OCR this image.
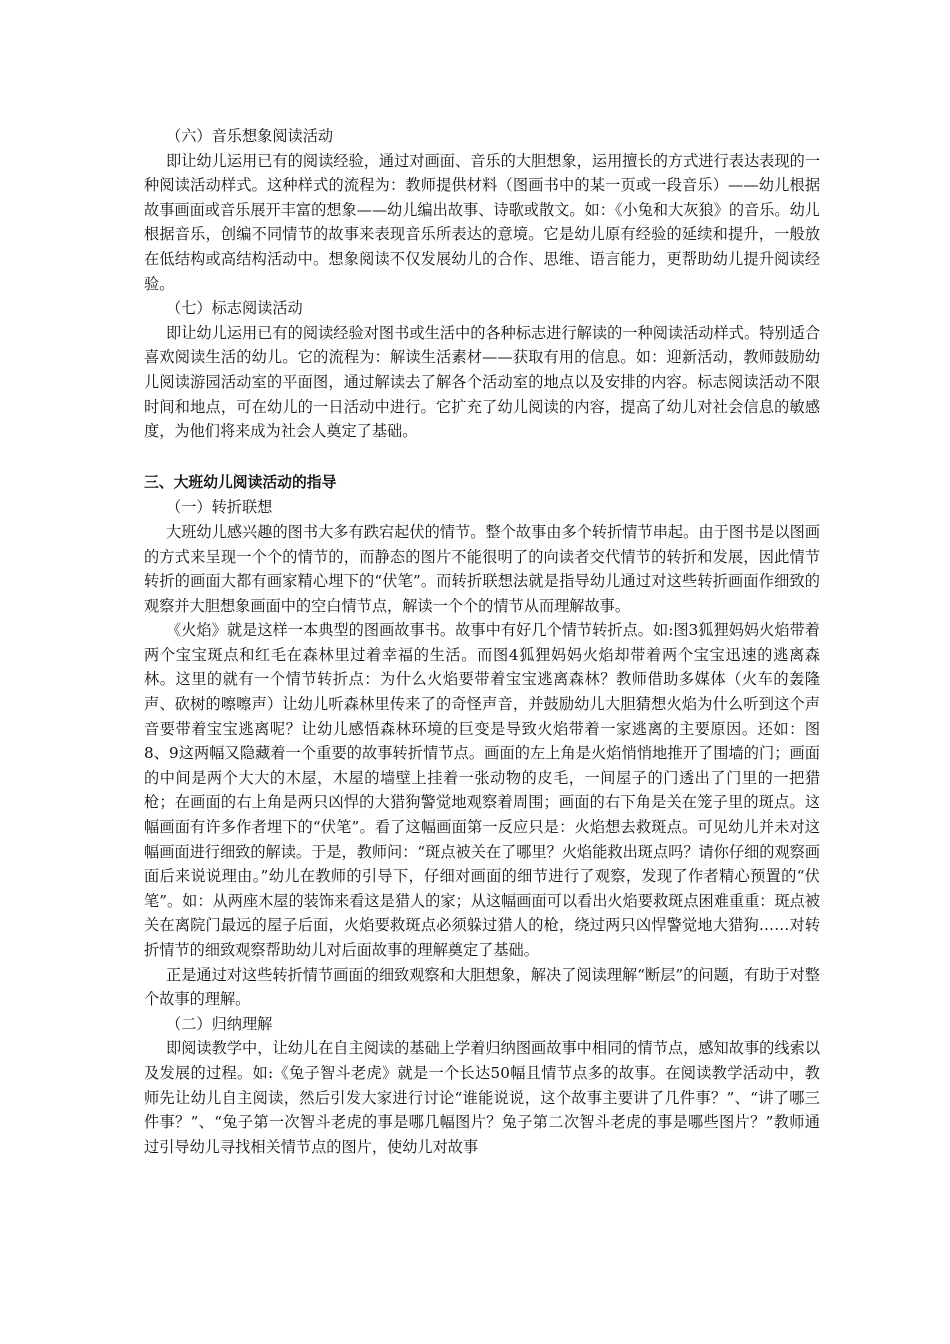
（六）音乐想象阅读活动

即让幼儿运用已有的阅读经验，通过对画面、音乐的大胆想象，运用擅长的方式进行表达表现的一种阅读活动样式。这种样式的流程为：教师提供材料（图画书中的某一页或一段音乐）——幼儿根据故事画面或音乐展开丰富的想象——幼儿编出故事、诗歌或散文。如：《小兔和大灰狼》的音乐。幼儿根据音乐，创编不同情节的故事来表现音乐所表达的意境。它是幼儿原有经验的延续和提升，一般放在低结构或高结构活动中。想象阅读不仅发展幼儿的合作、思维、语言能力，更帮助幼儿提升阅读经验。

（七）标志阅读活动

即让幼儿运用已有的阅读经验对图书或生活中的各种标志进行解读的一种阅读活动样式。特别适合喜欢阅读生活的幼儿。它的流程为：解读生活素材——获取有用的信息。如：迎新活动，教师鼓励幼儿阅读游园活动室的平面图，通过解读去了解各个活动室的地点以及安排的内容。标志阅读活动不限时间和地点，可在幼儿的一日活动中进行。它扩充了幼儿阅读的内容，提高了幼儿对社会信息的敏感度，为他们将来成为社会人奠定了基础。

三、大班幼儿阅读活动的指导

（一）转折联想

大班幼儿感兴趣的图书大多有跌宕起伏的情节。整个故事由多个转折情节串起。由于图书是以图画的方式来呈现一个个的情节的，而静态的图片不能很明了的向读者交代情节的转折和发展，因此情节转折的画面大都有画家精心埋下的“伏笔”。而转折联想法就是指导幼儿通过对这些转折画面作细致的观察并大胆想象画面中的空白情节点，解读一个个的情节从而理解故事。

《火焰》就是这样一本典型的图画故事书。故事中有好几个情节转折点。如:图3狐狸妈妈火焰带着两个宝宝斑点和红毛在森林里过着幸福的生活。而图4狐狸妈妈火焰却带着两个宝宝迅速的逃离森林。这里的就有一个情节转折点：为什么火焰要带着宝宝逃离森林？教师借助多媒体（火车的轰隆声、砍树的嚓嚓声）让幼儿听森林里传来了的奇怪声音，并鼓励幼儿大胆猜想火焰为什么听到这个声音要带着宝宝逃离呢？让幼儿感悟森林环境的巨变是导致火焰带着一家逃离的主要原因。还如：图8、9这两幅又隐藏着一个重要的故事转折情节点。画面的左上角是火焰悄悄地推开了围墙的门；画面的中间是两个大大的木屋，木屋的墙壁上挂着一张动物的皮毛，一间屋子的门透出了门里的一把猎枪；在画面的右上角是两只凶悍的大猎狗警觉地观察着周围；画面的右下角是关在笼子里的斑点。这幅画面有许多作者埋下的“伏笔”。看了这幅画面第一反应只是：火焰想去救斑点。可见幼儿并未对这幅画面进行细致的解读。于是，教师问：“斑点被关在了哪里？火焰能救出斑点吗？请你仔细的观察画面后来说说理由。”幼儿在教师的引导下，仔细对画面的细节进行了观察，发现了作者精心预置的“伏笔”。如：从两座木屋的装饰来看这是猎人的家；从这幅画面可以看出火焰要救斑点困难重重：斑点被关在离院门最远的屋子后面，火焰要救斑点必须躲过猎人的枪，绕过两只凶悍警觉地大猎狗……对转折情节的细致观察帮助幼儿对后面故事的理解奠定了基础。

正是通过对这些转折情节画面的细致观察和大胆想象，解决了阅读理解“断层”的问题，有助于对整个故事的理解。

（二）归纳理解

即阅读教学中，让幼儿在自主阅读的基础上学着归纳图画故事中相同的情节点，感知故事的线索以及发展的过程。如:《兔子智斗老虎》就是一个长达50幅且情节点多的故事。在阅读教学活动中，教师先让幼儿自主阅读，然后引发大家进行讨论“谁能说说，这个故事主要讲了几件事？”、“讲了哪三件事？”、“兔子第一次智斗老虎的事是哪几幅图片？兔子第二次智斗老虎的事是哪些图片？”教师通过引导幼儿寻找相关情节点的图片，使幼儿对故事
